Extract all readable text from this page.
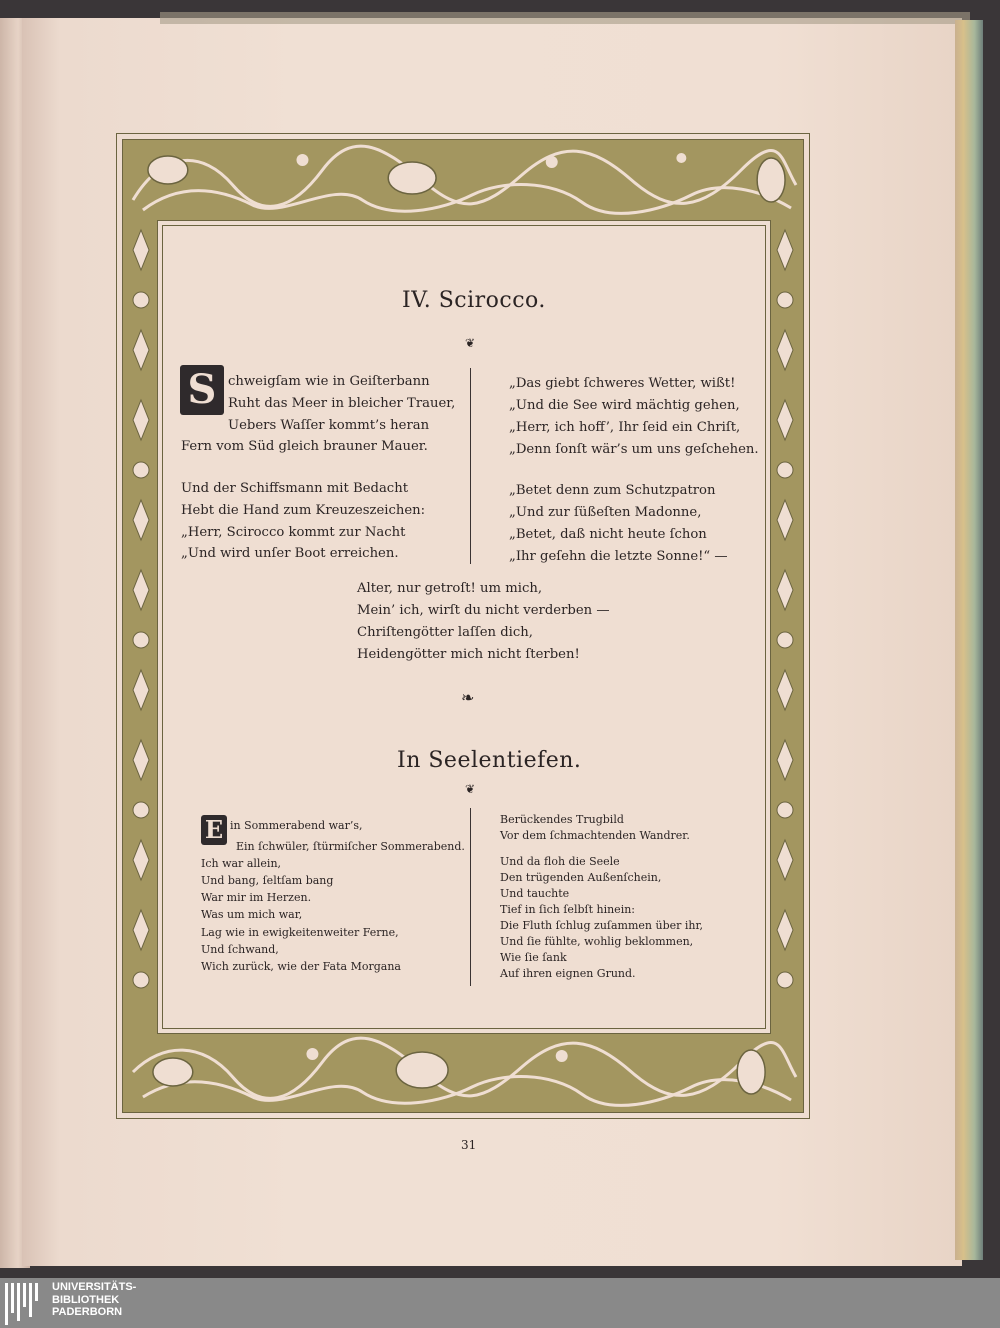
IV. Scirocco.
❦
S chweigſam wie in Geiſterbann
Ruht das Meer in bleicher Trauer,
Uebers Waſſer kommt’s heran
Fern vom Süd gleich brauner Mauer.
Und der Schiffsmann mit Bedacht
Hebt die Hand zum Kreuzeszeichen:
„Herr, Scirocco kommt zur Nacht
„Und wird unſer Boot erreichen.
„Das giebt ſchweres Wetter, wißt!
„Und die See wird mächtig gehen,
„Herr, ich hoff’, Ihr ſeid ein Chriſt,
„Denn ſonſt wär’s um uns geſchehen.
„Betet denn zum Schutzpatron
„Und zur ſüßeſten Madonne,
„Betet, daß nicht heute ſchon
„Ihr geſehn die letzte Sonne!“ —
Alter, nur getroſt! um mich,
Mein’ ich, wirſt du nicht verderben —
Chriſtengötter laſſen dich,
Heidengötter mich nicht ſterben!
❧
In Seelentiefen.
❦
E in Sommerabend war’s,
Ein ſchwüler, ſtürmiſcher Sommerabend.
Ich war allein,
Und bang, ſeltſam bang
War mir im Herzen.
Was um mich war,
Lag wie in ewigkeitenweiter Ferne,
Und ſchwand,
Wich zurück, wie der Fata Morgana
Berückendes Trugbild
Vor dem ſchmachtenden Wandrer.
Und da floh die Seele
Den trügenden Außenſchein,
Und tauchte
Tief in ſich ſelbſt hinein:
Die Fluth ſchlug zuſammen über ihr,
Und ſie fühlte, wohlig beklommen,
Wie ſie ſank
Auf ihren eignen Grund.
31
UNIVERSITÄTS-
BIBLIOTHEK
PADERBORN
